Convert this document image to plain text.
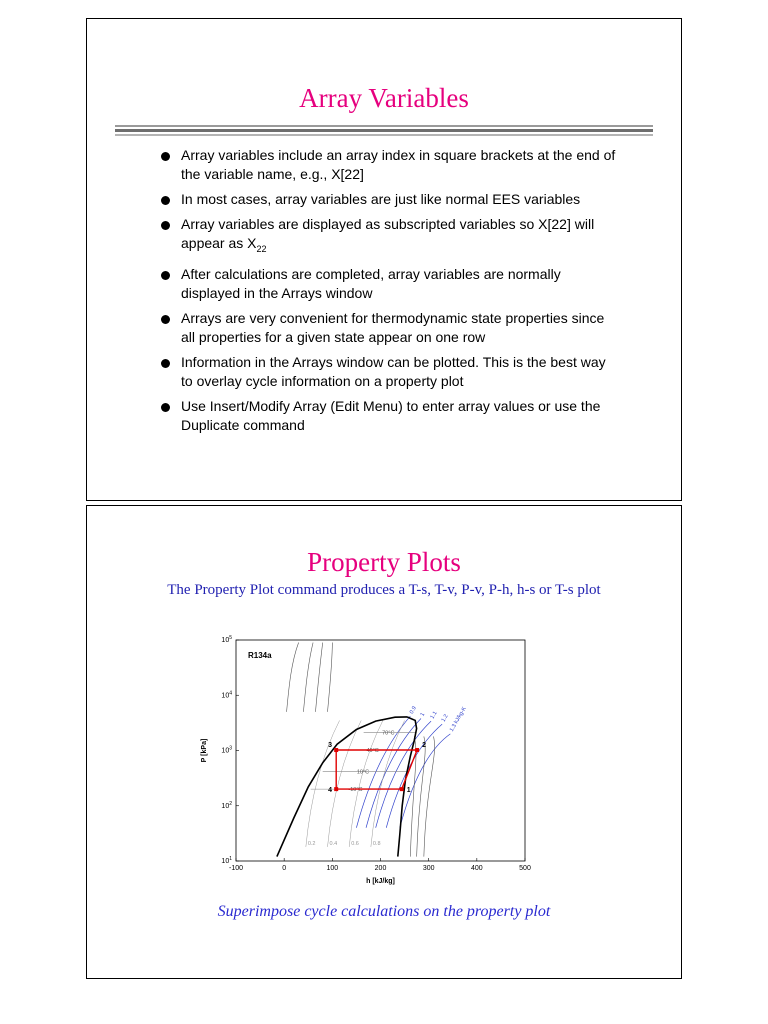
Array Variables
Array variables include an array index in square brackets at the end of the variable name, e.g., X[22]
In most cases, array variables are just like normal EES variables
Array variables are displayed as subscripted variables so X[22] will appear as $X_{22}$
After calculations are completed, array variables are normally displayed in the Arrays window
Arrays are very convenient for thermodynamic state properties since all properties for a given state appear on one row
Information in the Arrays window can be plotted. This is the best way to overlay cycle information on a property plot
Use Insert/Modify Array (Edit Menu) to enter array values or use the Duplicate command
Property Plots
The Property Plot command produces a T-s, T-v, P-v, P-h, h-s or T-s plot
0.9 1 1.1 1.2 1.3 kJ/kg-K
0.2	0.4	0.6	0.8
70°C
40°C
10°C
-10°C	1
2
3
4
R134a
-100	0	100	200	300	400	500
$10^1$
$10^2$
$10^3$
$10^4$
$10^5$
h [kJ/kg]
P [kPa]
Superimpose cycle calculations on the property plot
